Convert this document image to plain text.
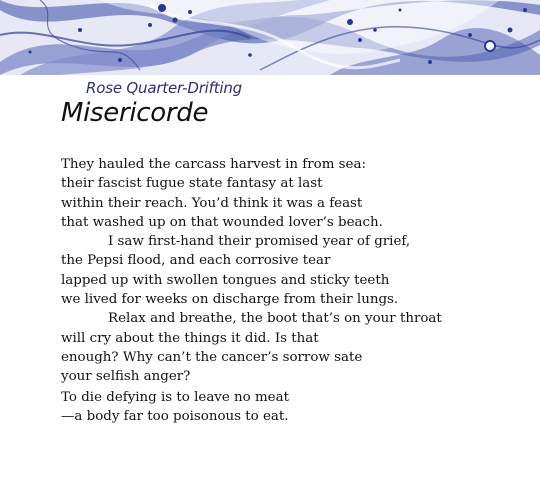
Rose Quarter-Drifting
Misericorde
They hauled the carcass harvest in from sea:
their fascist fugue state fantasy at last
within their reach. You’d think it was a feast
that washed up on that wounded lover’s beach.
I saw first-hand their promised year of grief,
the Pepsi flood, and each corrosive tear
lapped up with swollen tongues and sticky teeth
we lived for weeks on discharge from their lungs.
Relax and breathe, the boot that’s on your throat
will cry about the things it did. Is that
enough? Why can’t the cancer’s sorrow sate
your selfish anger?
To die defying is to leave no meat
—a body far too poisonous to eat.
